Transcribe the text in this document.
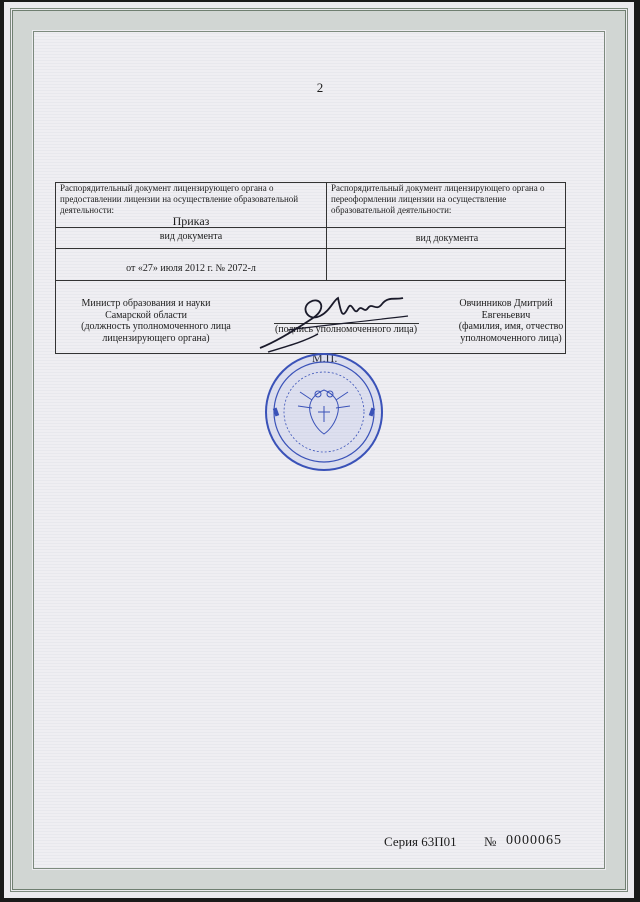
2
Распорядительный документ лицензирующего органа о предоставлении лицензии на осуществление образовательной деятельности:
Распорядительный документ лицензирующего органа о переоформлении лицензии на осуществление образовательной деятельности:
Приказ
вид документа	вид документа
от «27» июля 2012 г. № 2072-л
Министр образования и науки Самарской области
(должность уполномоченного лица лицензирующего органа)
(подпись уполномоченного лица)
Овчинников Дмитрий Евгеньевич
(фамилия, имя, отчество уполномоченного лица)
Серия 63П01 № 0000065
